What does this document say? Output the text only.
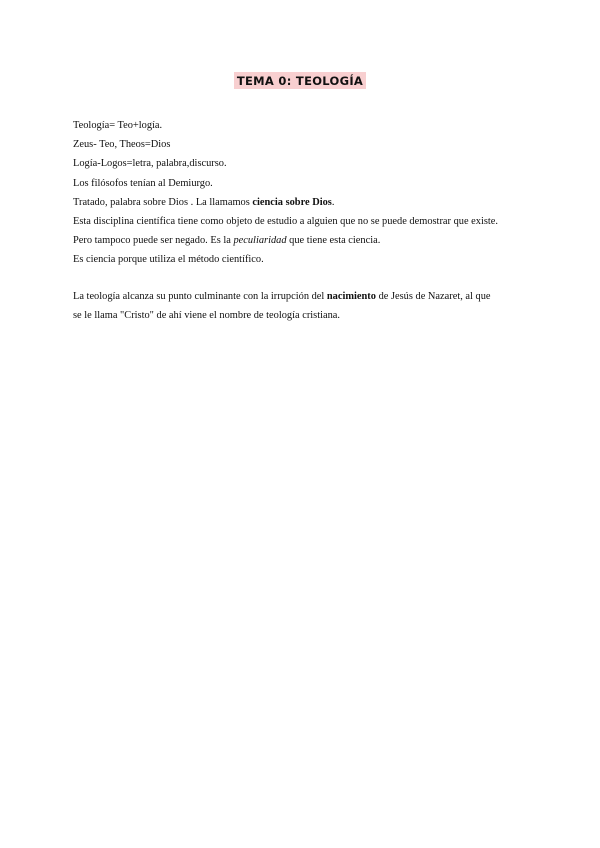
TEMA 0: TEOLOGÍA
Teología= Teo+logía.
Zeus- Teo, Theos=Dios
Logía-Logos=letra, palabra,discurso.
Los filósofos tenían al Demiurgo.
Tratado, palabra sobre Dios . La llamamos ciencia sobre Dios.
Esta disciplina científica tiene como objeto de estudio a alguien que no se puede demostrar que existe.
Pero tampoco puede ser negado. Es la peculiaridad que tiene esta ciencia.
Es ciencia porque utiliza el método científico.
La teología alcanza su punto culminante con la irrupción del nacimiento de Jesús de Nazaret, al que
se le llama "Cristo" de ahí viene el nombre de teología cristiana.
